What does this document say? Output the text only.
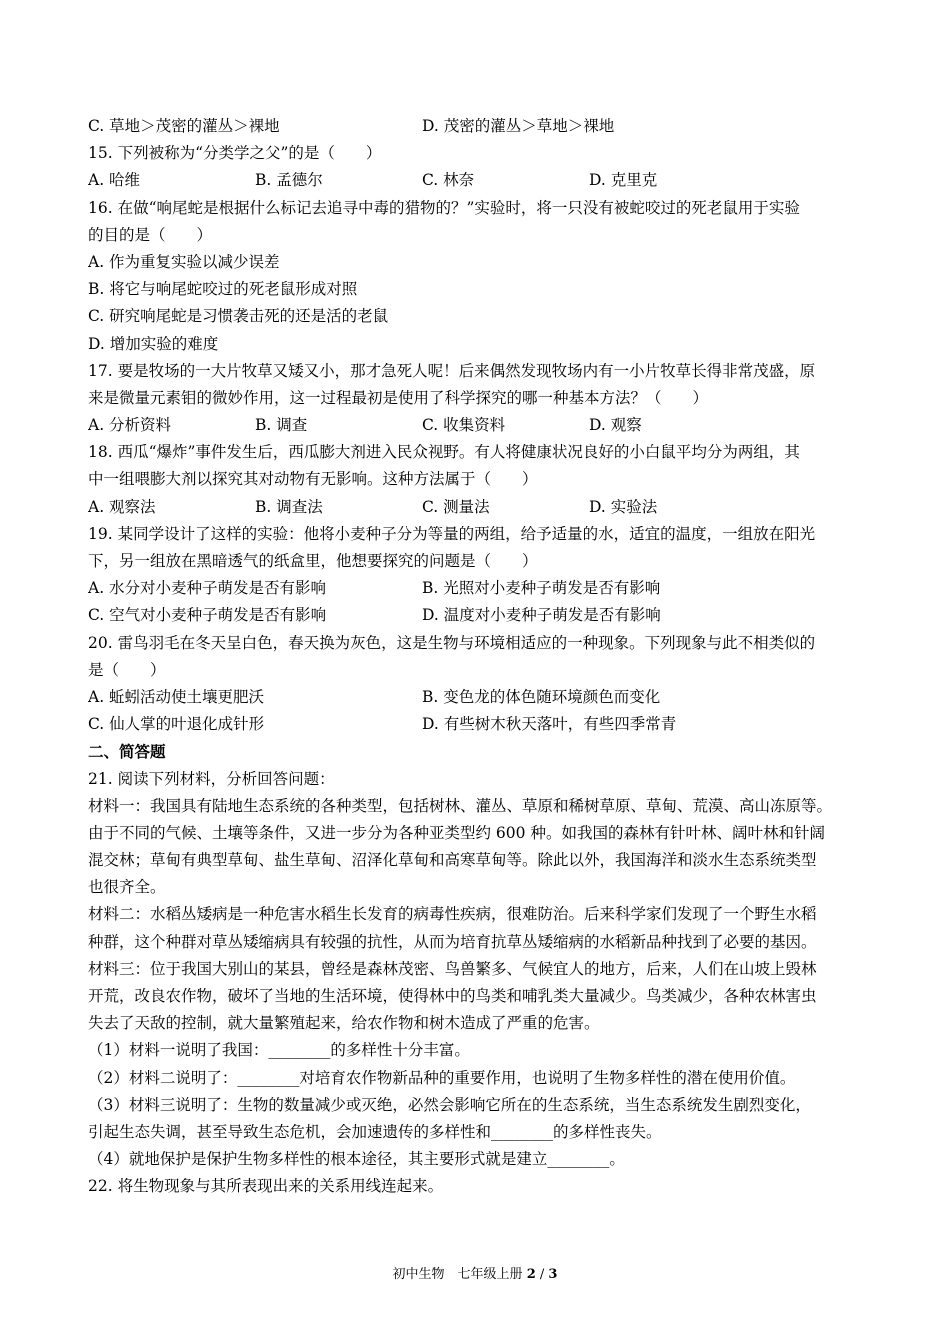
C. 草地＞茂密的灌丛＞裸地	D. 茂密的灌丛＞草地＞裸地
15. 下列被称为“分类学之父”的是（　　）
A. 哈维	B. 孟德尔	C. 林奈	D. 克里克
16. 在做“响尾蛇是根据什么标记去追寻中毒的猎物的？”实验时，将一只没有被蛇咬过的死老鼠用于实验
的目的是（　　）
A. 作为重复实验以减少误差
B. 将它与响尾蛇咬过的死老鼠形成对照
C. 研究响尾蛇是习惯袭击死的还是活的老鼠
D. 增加实验的难度
17. 要是牧场的一大片牧草又矮又小，那才急死人呢！后来偶然发现牧场内有一小片牧草长得非常茂盛，原
来是微量元素钼的微妙作用，这一过程最初是使用了科学探究的哪一种基本方法？（　　）
A. 分析资料	B. 调查	C. 收集资料	D. 观察
18. 西瓜“爆炸”事件发生后，西瓜膨大剂进入民众视野。有人将健康状况良好的小白鼠平均分为两组，其
中一组喂膨大剂以探究其对动物有无影响。这种方法属于（　　）
A. 观察法	B. 调查法	C. 测量法	D. 实验法
19. 某同学设计了这样的实验：他将小麦种子分为等量的两组，给予适量的水，适宜的温度，一组放在阳光
下，另一组放在黑暗透气的纸盒里，他想要探究的问题是（　　）
A. 水分对小麦种子萌发是否有影响	B. 光照对小麦种子萌发是否有影响
C. 空气对小麦种子萌发是否有影响	D. 温度对小麦种子萌发是否有影响
20. 雷鸟羽毛在冬天呈白色，春天换为灰色，这是生物与环境相适应的一种现象。下列现象与此不相类似的
是（　　）
A. 蚯蚓活动使土壤更肥沃	B. 变色龙的体色随环境颜色而变化
C. 仙人掌的叶退化成针形	D. 有些树木秋天落叶，有些四季常青
二、简答题
21. 阅读下列材料，分析回答问题：
材料一：我国具有陆地生态系统的各种类型，包括树林、灌丛、草原和稀树草原、草甸、荒漠、高山冻原等。
由于不同的气候、土壤等条件，又进一步分为各种亚类型约 600 种。如我国的森林有针叶林、阔叶林和针阔
混交林；草甸有典型草甸、盐生草甸、沼泽化草甸和高寒草甸等。除此以外，我国海洋和淡水生态系统类型
也很齐全。
材料二：水稻丛矮病是一种危害水稻生长发育的病毒性疾病，很难防治。后来科学家们发现了一个野生水稻
种群，这个种群对草丛矮缩病具有较强的抗性，从而为培育抗草丛矮缩病的水稻新品种找到了必要的基因。
材料三：位于我国大别山的某县，曾经是森林茂密、鸟兽繁多、气候宜人的地方，后来，人们在山坡上毁林
开荒，改良农作物，破坏了当地的生活环境，使得林中的鸟类和哺乳类大量减少。鸟类减少，各种农林害虫
失去了天敌的控制，就大量繁殖起来，给农作物和树木造成了严重的危害。
（1）材料一说明了我国：________的多样性十分丰富。
（2）材料二说明了：________对培育农作物新品种的重要作用，也说明了生物多样性的潜在使用价值。
（3）材料三说明了：生物的数量减少或灭绝，必然会影响它所在的生态系统，当生态系统发生剧烈变化，
引起生态失调，甚至导致生态危机，会加速遗传的多样性和________的多样性丧失。
（4）就地保护是保护生物多样性的根本途径，其主要形式就是建立________。
22. 将生物现象与其所表现出来的关系用线连起来。
初中生物　七年级上册 2 / 3
